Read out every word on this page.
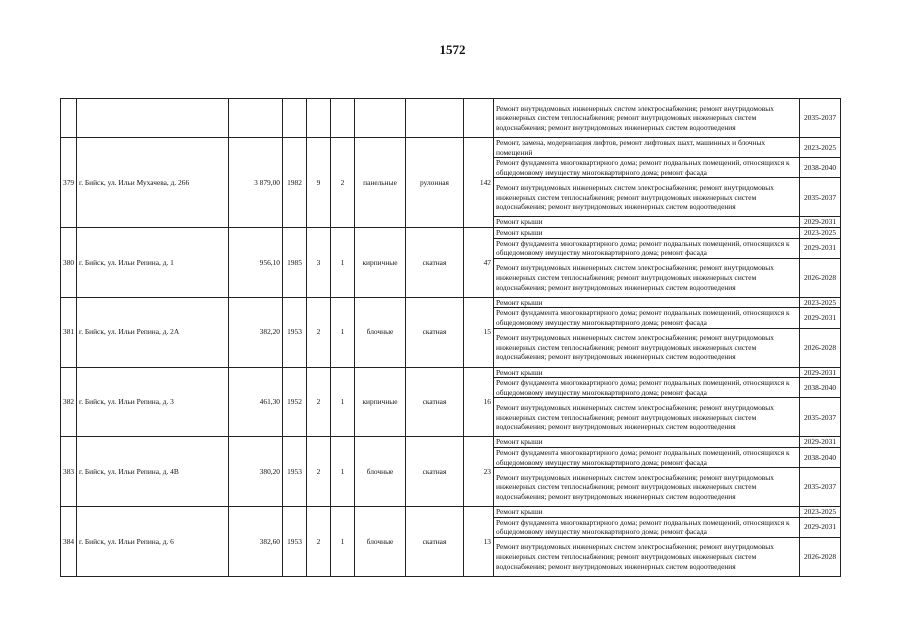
1572
									Ремонт внутридомовых инженерных систем электроснабжения; ремонт внутридомовых инженерных систем теплоснабжения; ремонт внутридомовых инженерных систем водоснабжения; ремонт внутридомовых инженерных систем водоотведения	2035-2037
379	г. Бийск, ул. Ильи Мухачева, д. 266	3 879,00	1982	9	2	панельные	рулонная	142	Ремонт, замена, модернизация лифтов, ремонт лифтовых шахт, машинных и блочных помещений	2023-2025
									Ремонт фундамента многоквартирного дома; ремонт подвальных помещений, относящихся к общедомовому имуществу многоквартирного дома; ремонт фасада	2038-2040
									Ремонт внутридомовых инженерных систем электроснабжения; ремонт внутридомовых инженерных систем теплоснабжения; ремонт внутридомовых инженерных систем водоснабжения; ремонт внутридомовых инженерных систем водоотведения	2035-2037
									Ремонт крыши	2029-2031
380	г. Бийск, ул. Ильи Репина, д. 1	956,10	1985	3	1	кирпичные	скатная	47	Ремонт крыши	2023-2025
									Ремонт фундамента многоквартирного дома; ремонт подвальных помещений, относящихся к общедомовому имуществу многоквартирного дома; ремонт фасада	2029-2031
									Ремонт внутридомовых инженерных систем электроснабжения; ремонт внутридомовых инженерных систем теплоснабжения; ремонт внутридомовых инженерных систем водоснабжения; ремонт внутридомовых инженерных систем водоотведения	2026-2028
381	г. Бийск, ул. Ильи Репина, д. 2А	382,20	1953	2	1	блочные	скатная	15	Ремонт крыши	2023-2025
									Ремонт фундамента многоквартирного дома; ремонт подвальных помещений, относящихся к общедомовому имуществу многоквартирного дома; ремонт фасада	2029-2031
									Ремонт внутридомовых инженерных систем электроснабжения; ремонт внутридомовых инженерных систем теплоснабжения; ремонт внутридомовых инженерных систем водоснабжения; ремонт внутридомовых инженерных систем водоотведения	2026-2028
382	г. Бийск, ул. Ильи Репина, д. 3	461,30	1952	2	1	кирпичные	скатная	16	Ремонт крыши	2029-2031
									Ремонт фундамента многоквартирного дома; ремонт подвальных помещений, относящихся к общедомовому имуществу многоквартирного дома; ремонт фасада	2038-2040
									Ремонт внутридомовых инженерных систем электроснабжения; ремонт внутридомовых инженерных систем теплоснабжения; ремонт внутридомовых инженерных систем водоснабжения; ремонт внутридомовых инженерных систем водоотведения	2035-2037
383	г. Бийск, ул. Ильи Репина, д. 4В	380,20	1953	2	1	блочные	скатная	23	Ремонт крыши	2029-2031
									Ремонт фундамента многоквартирного дома; ремонт подвальных помещений, относящихся к общедомовому имуществу многоквартирного дома; ремонт фасада	2038-2040
									Ремонт внутридомовых инженерных систем электроснабжения; ремонт внутридомовых инженерных систем теплоснабжения; ремонт внутридомовых инженерных систем водоснабжения; ремонт внутридомовых инженерных систем водоотведения	2035-2037
384	г. Бийск, ул. Ильи Репина, д. 6	382,60	1953	2	1	блочные	скатная	13	Ремонт крыши	2023-2025
									Ремонт фундамента многоквартирного дома; ремонт подвальных помещений, относящихся к общедомовому имуществу многоквартирного дома; ремонт фасада	2029-2031
									Ремонт внутридомовых инженерных систем электроснабжения; ремонт внутридомовых инженерных систем теплоснабжения; ремонт внутридомовых инженерных систем водоснабжения; ремонт внутридомовых инженерных систем водоотведения	2026-2028
